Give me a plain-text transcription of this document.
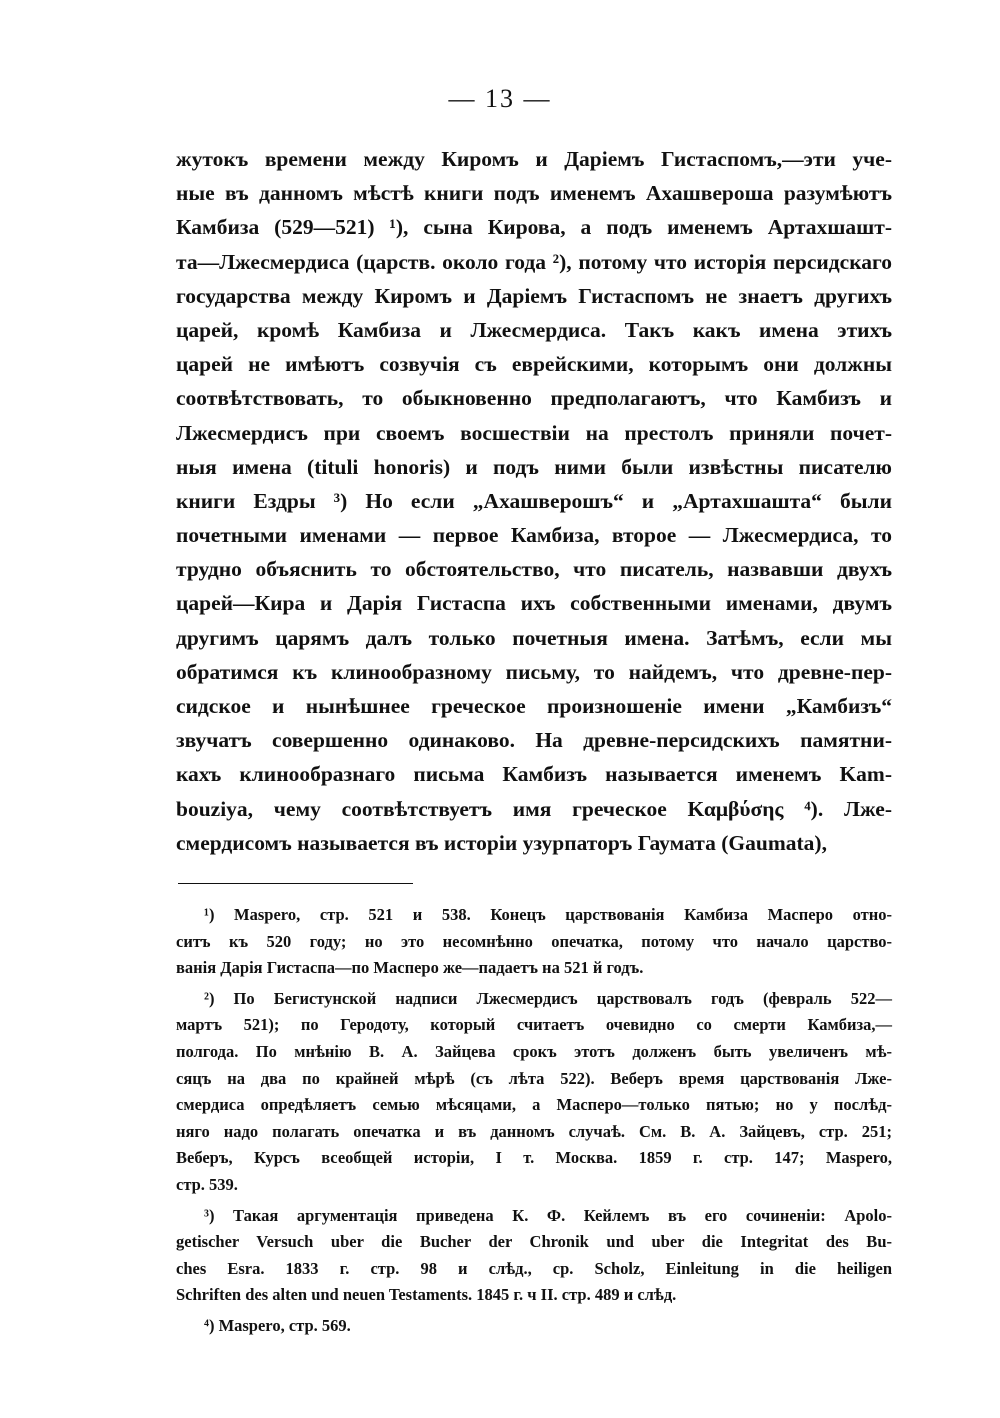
— 13 —
жутокъ времени между Киромъ и Даріемъ Гистаспомъ,—эти уче-
ные въ данномъ мѣстѣ книги подъ именемъ Ахашвероша разумѣютъ
Камбиза (529—521) ¹), сына Кирова, а подъ именемъ Артахшашт-
та—Лжесмердиса (царств. около года ²), потому что исторія персидскаго
государства между Киромъ и Даріемъ Гистаспомъ не знаетъ другихъ
царей, кромѣ Камбиза и Лжесмердиса. Такъ какъ имена этихъ
царей не имѣютъ созвучія съ еврейскими, которымъ они должны
соотвѣтствовать, то обыкновенно предполагаютъ, что Камбизъ и
Лжесмердисъ при своемъ восшествіи на престолъ приняли почет-
ныя имена (tituli honoris) и подъ ними были извѣстны писателю
книги Ездры ³) Но если „Ахашверошъ“ и „Артахшашта“ были
почетными именами — первое Камбиза, второе — Лжесмердиса, то
трудно объяснить то обстоятельство, что писатель, назвавши двухъ
царей—Кира и Дарія Гистаспа ихъ собственными именами, двумъ
другимъ царямъ далъ только почетныя имена. Затѣмъ, если мы
обратимся къ клинообразному письму, то найдемъ, что древне-пер-
сидское и нынѣшнее греческое произношеніе имени „Камбизъ“
звучатъ совершенно одинаково. На древне-персидскихъ памятни-
кахъ клинообразнаго письма Камбизъ называется именемъ Kam-
bouziya, чему соотвѣтствуетъ имя греческое Καμβύσης ⁴). Лже-
смердисомъ называется въ исторіи узурпаторъ Гаумата (Gaumata),
¹) Maspero, стр. 521 и 538. Конецъ царствованія Камбиза Масперо отно-
ситъ къ 520 году; но это несомнѣнно опечатка, потому что начало царство-
ванія Дарія Гистаспа—по Масперо же—падаетъ на 521 й годъ.
²) По Бегистунской надписи Лжесмердисъ царствовалъ годъ (февраль 522—
мартъ 521); по Геродоту, который считаетъ очевидно со смерти Камбиза,—
полгода. По мнѣнію В. А. Зайцева срокъ этотъ долженъ быть увеличенъ мѣ-
сяцъ на два по крайней мѣрѣ (съ лѣта 522). Веберъ время царствованія Лже-
смердиса опредѣляетъ семью мѣсяцами, а Масперо—только пятью; но у послѣд-
няго надо полагать опечатка и въ данномъ случаѣ. См. В. А. Зайцевъ, стр. 251;
Веберъ, Курсъ всеобщей исторіи, I т. Москва. 1859 г. стр. 147; Maspero,
стр. 539.
³) Такая аргументація приведена К. Ф. Кейлемъ въ его сочиненіи: Apolo-
getischer Versuch uber die Bucher der Chronik und uber die Integritat des Bu-
ches Esra. 1833 г. стр. 98 и слѣд., ср. Scholz, Einleitung in die heiligen
Schriften des alten und neuen Testaments. 1845 г. ч II. стр. 489 и слѣд.
⁴) Maspero, стр. 569.
